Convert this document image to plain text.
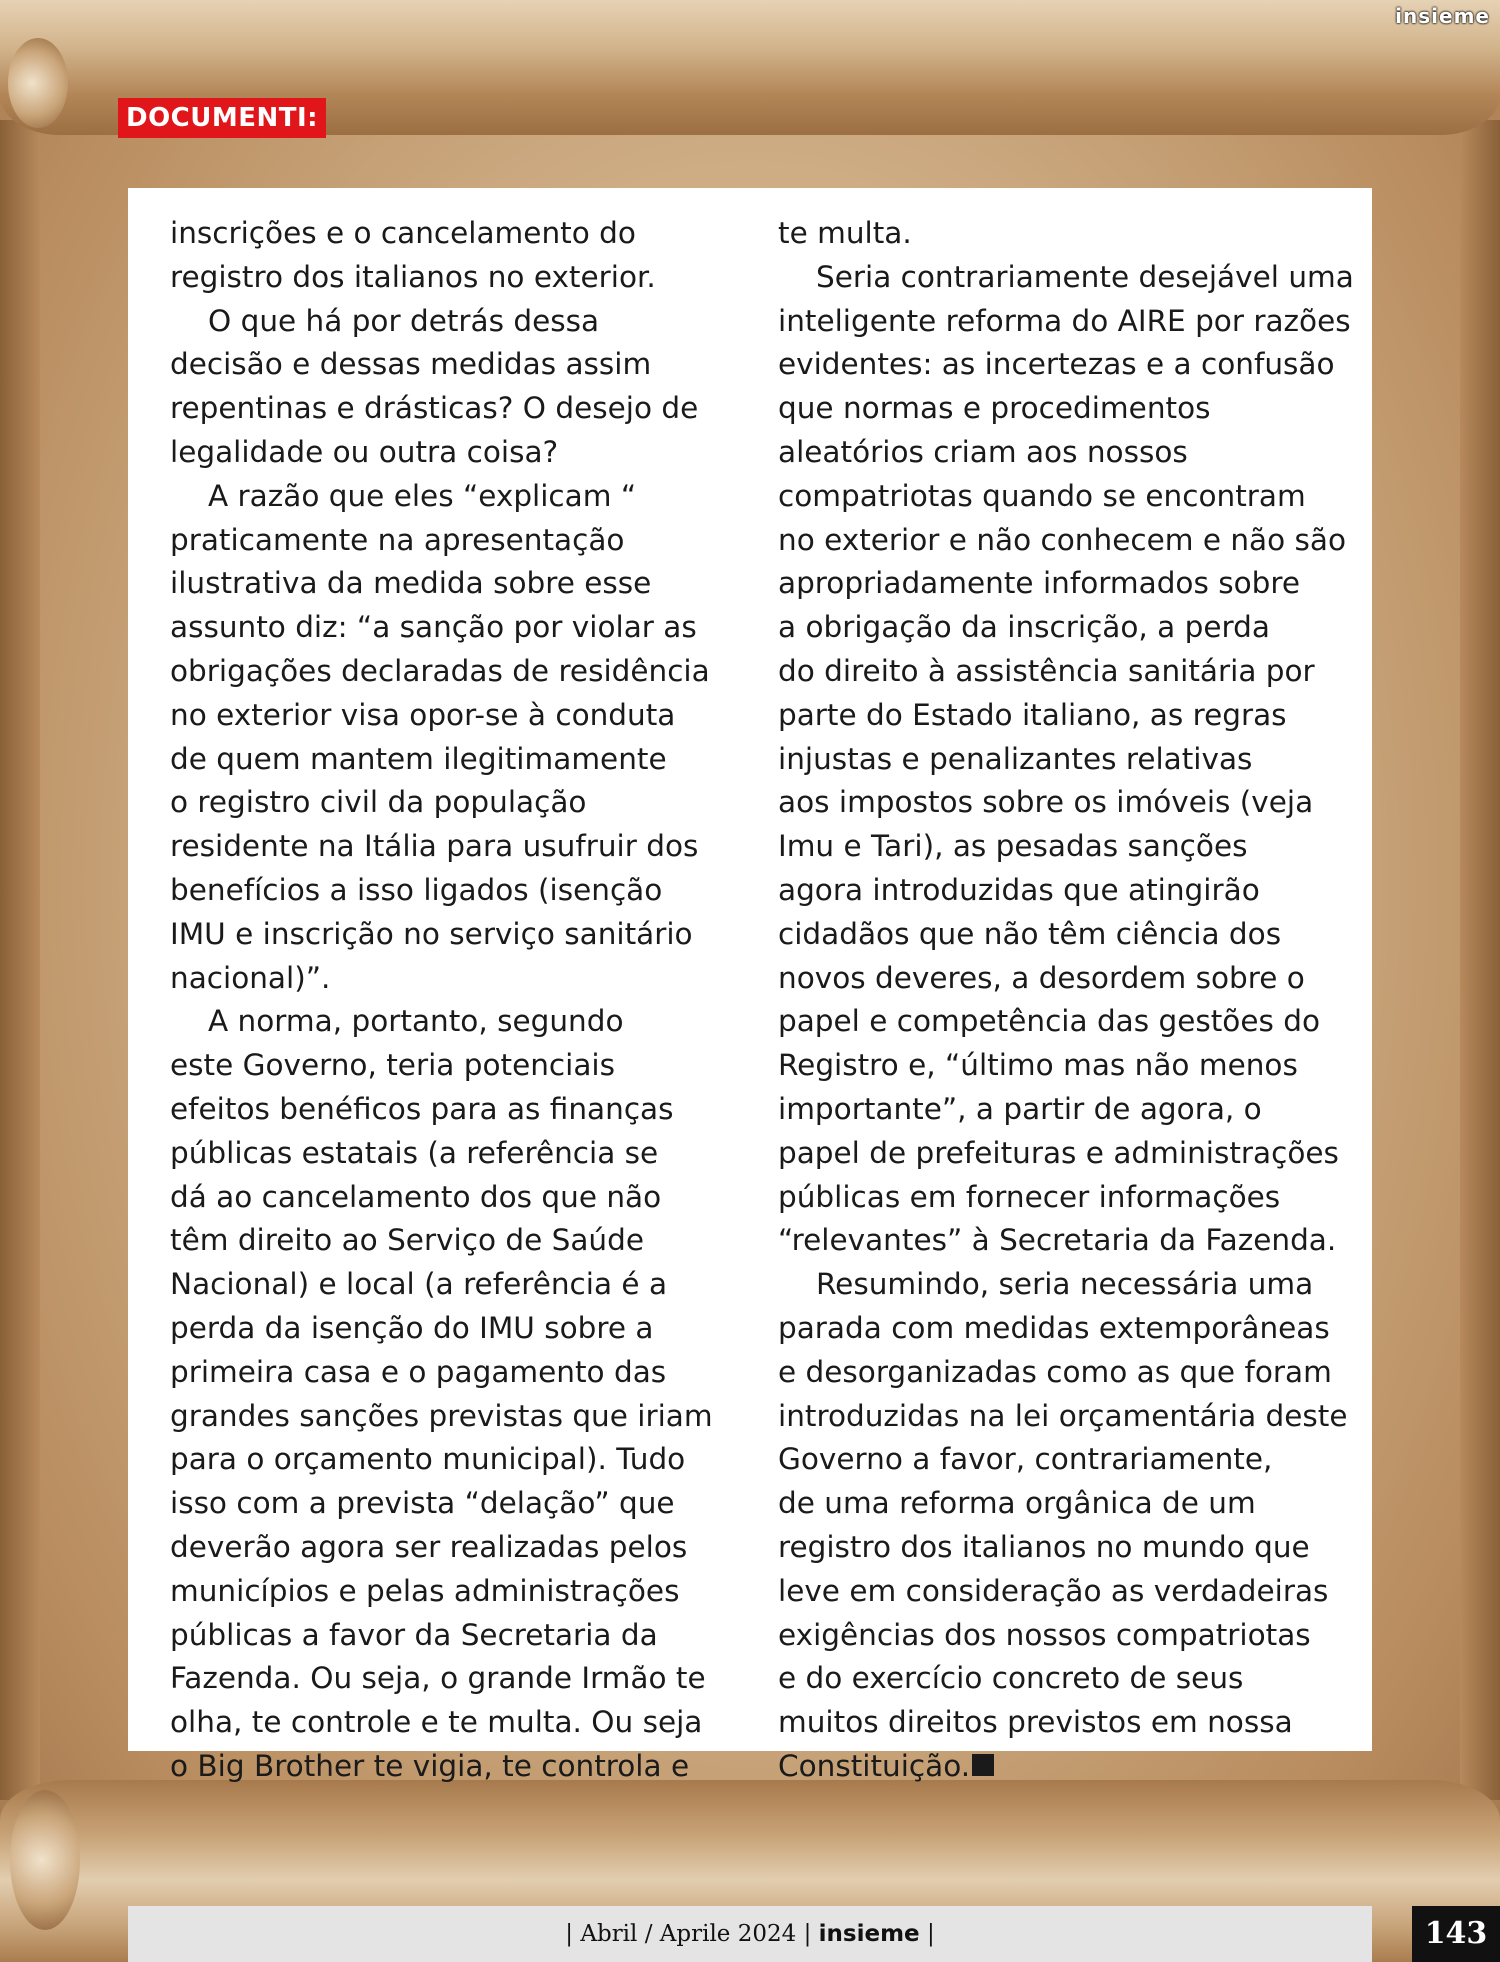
insieme
DOCUMENTI:
inscrições e o cancelamento do
registro dos italianos no exterior.
O que há por detrás dessa
decisão e dessas medidas assim
repentinas e drásticas? O desejo de
legalidade ou outra coisa?
A razão que eles “explicam “
praticamente na apresentação
ilustrativa da medida sobre esse
assunto diz: “a sanção por violar as
obrigações declaradas de residência
no exterior visa opor-se à conduta
de quem mantem ilegitimamente
o registro civil da população
residente na Itália para usufruir dos
benefícios a isso ligados (isenção
IMU e inscrição no serviço sanitário
nacional)”.
A norma, portanto, segundo
este Governo, teria potenciais
efeitos benéficos para as finanças
públicas estatais (a referência se
dá ao cancelamento dos que não
têm direito ao Serviço de Saúde
Nacional) e local (a referência é a
perda da isenção do IMU sobre a
primeira casa e o pagamento das
grandes sanções previstas que iriam
para o orçamento municipal). Tudo
isso com a prevista “delação” que
deverão agora ser realizadas pelos
municípios e pelas administrações
públicas a favor da Secretaria da
Fazenda. Ou seja, o grande Irmão te
olha, te controle e te multa. Ou seja
o Big Brother te vigia, te controla e
te multa.
Seria contrariamente desejável uma
inteligente reforma do AIRE por razões
evidentes: as incertezas e a confusão
que normas e procedimentos
aleatórios criam aos nossos
compatriotas quando se encontram
no exterior e não conhecem e não são
apropriadamente informados sobre
a obrigação da inscrição, a perda
do direito à assistência sanitária por
parte do Estado italiano, as regras
injustas e penalizantes relativas
aos impostos sobre os imóveis (veja
Imu e Tari), as pesadas sanções
agora introduzidas que atingirão
cidadãos que não têm ciência dos
novos deveres, a desordem sobre o
papel e competência das gestões do
Registro e, “último mas não menos
importante”, a partir de agora, o
papel de prefeituras e administrações
públicas em fornecer informações
“relevantes” à Secretaria da Fazenda.
Resumindo, seria necessária uma
parada com medidas extemporâneas
e desorganizadas como as que foram
introduzidas na lei orçamentária deste
Governo a favor, contrariamente,
de uma reforma orgânica de um
registro dos italianos no mundo que
leve em consideração as verdadeiras
exigências dos nossos compatriotas
e do exercício concreto de seus
muitos direitos previstos em nossa
Constituição.
| Abril / Aprile 2024 | insieme |	143
